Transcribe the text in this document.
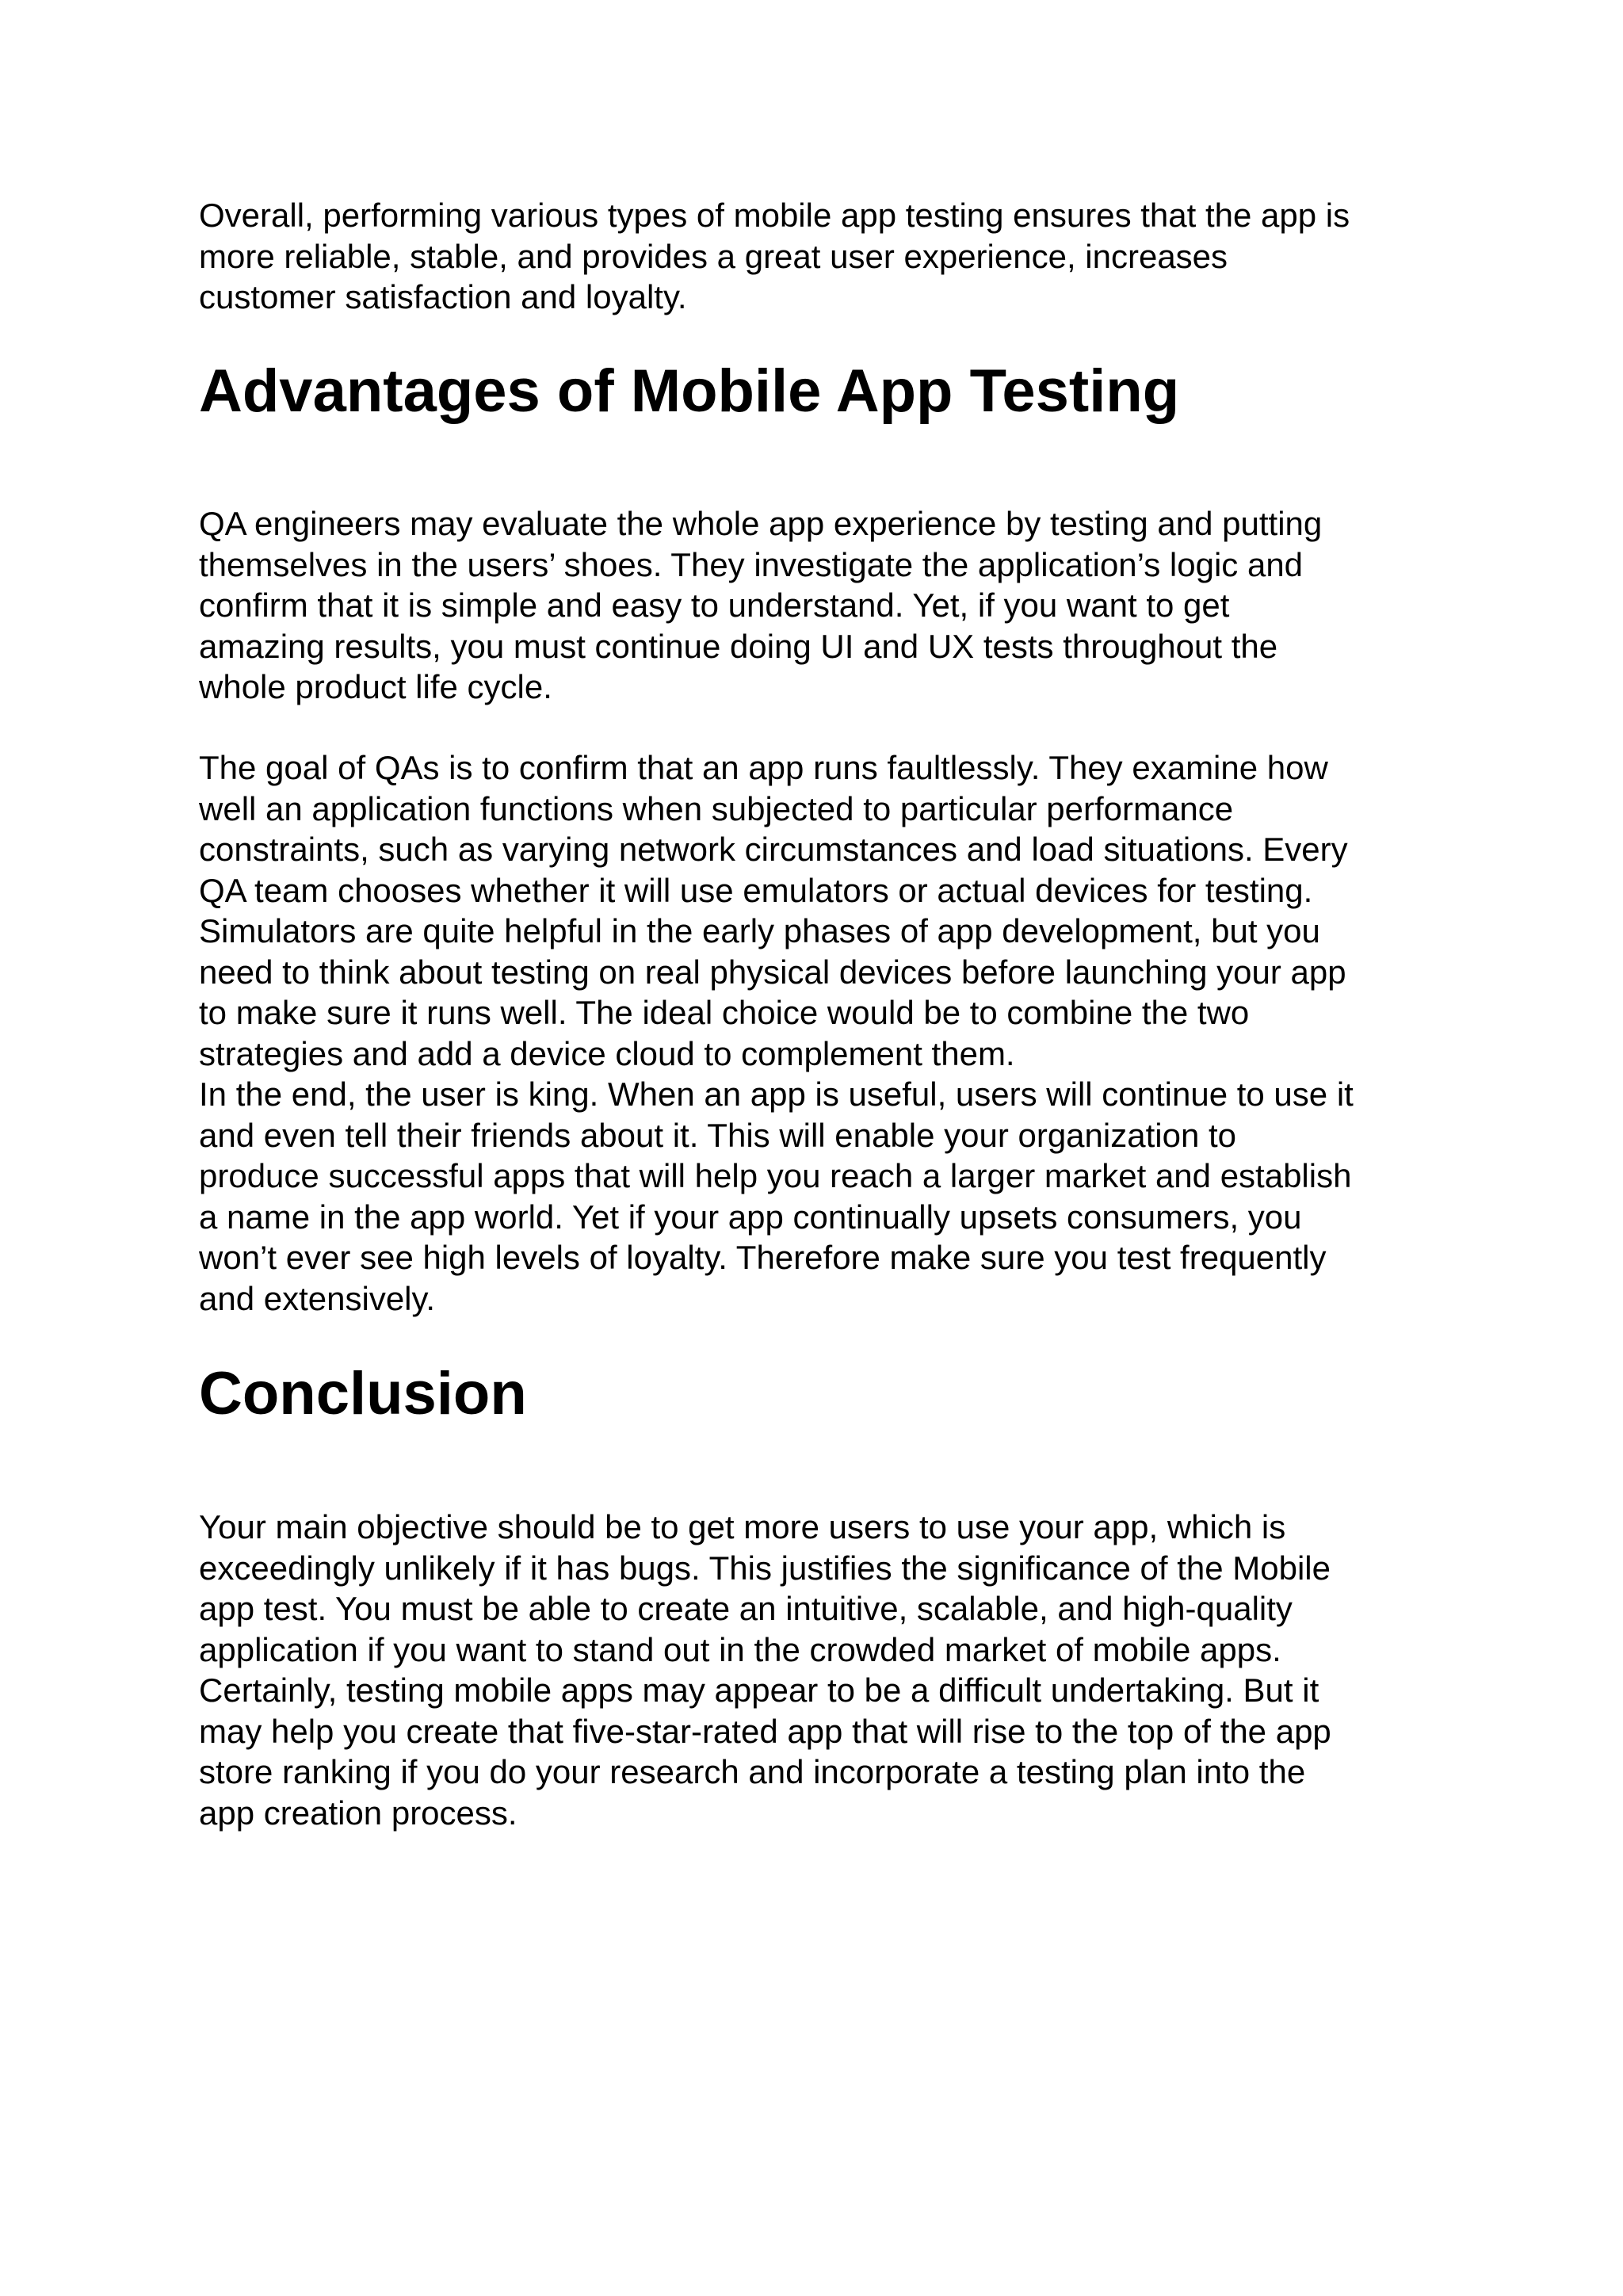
Overall, performing various types of mobile app testing ensures that the app is
more reliable, stable, and provides a great user experience, increases
customer satisfaction and loyalty.

Advantages of Mobile App Testing

QA engineers may evaluate the whole app experience by testing and putting
themselves in the users’ shoes. They investigate the application’s logic and
confirm that it is simple and easy to understand. Yet, if you want to get
amazing results, you must continue doing UI and UX tests throughout the
whole product life cycle.

The goal of QAs is to confirm that an app runs faultlessly. They examine how
well an application functions when subjected to particular performance
constraints, such as varying network circumstances and load situations. Every
QA team chooses whether it will use emulators or actual devices for testing.
Simulators are quite helpful in the early phases of app development, but you
need to think about testing on real physical devices before launching your app
to make sure it runs well. The ideal choice would be to combine the two
strategies and add a device cloud to complement them.
In the end, the user is king. When an app is useful, users will continue to use it
and even tell their friends about it. This will enable your organization to
produce successful apps that will help you reach a larger market and establish
a name in the app world. Yet if your app continually upsets consumers, you
won’t ever see high levels of loyalty. Therefore make sure you test frequently
and extensively.

Conclusion

Your main objective should be to get more users to use your app, which is
exceedingly unlikely if it has bugs. This justifies the significance of the Mobile
app test. You must be able to create an intuitive, scalable, and high-quality
application if you want to stand out in the crowded market of mobile apps.
Certainly, testing mobile apps may appear to be a difficult undertaking. But it
may help you create that five-star-rated app that will rise to the top of the app
store ranking if you do your research and incorporate a testing plan into the
app creation process.
